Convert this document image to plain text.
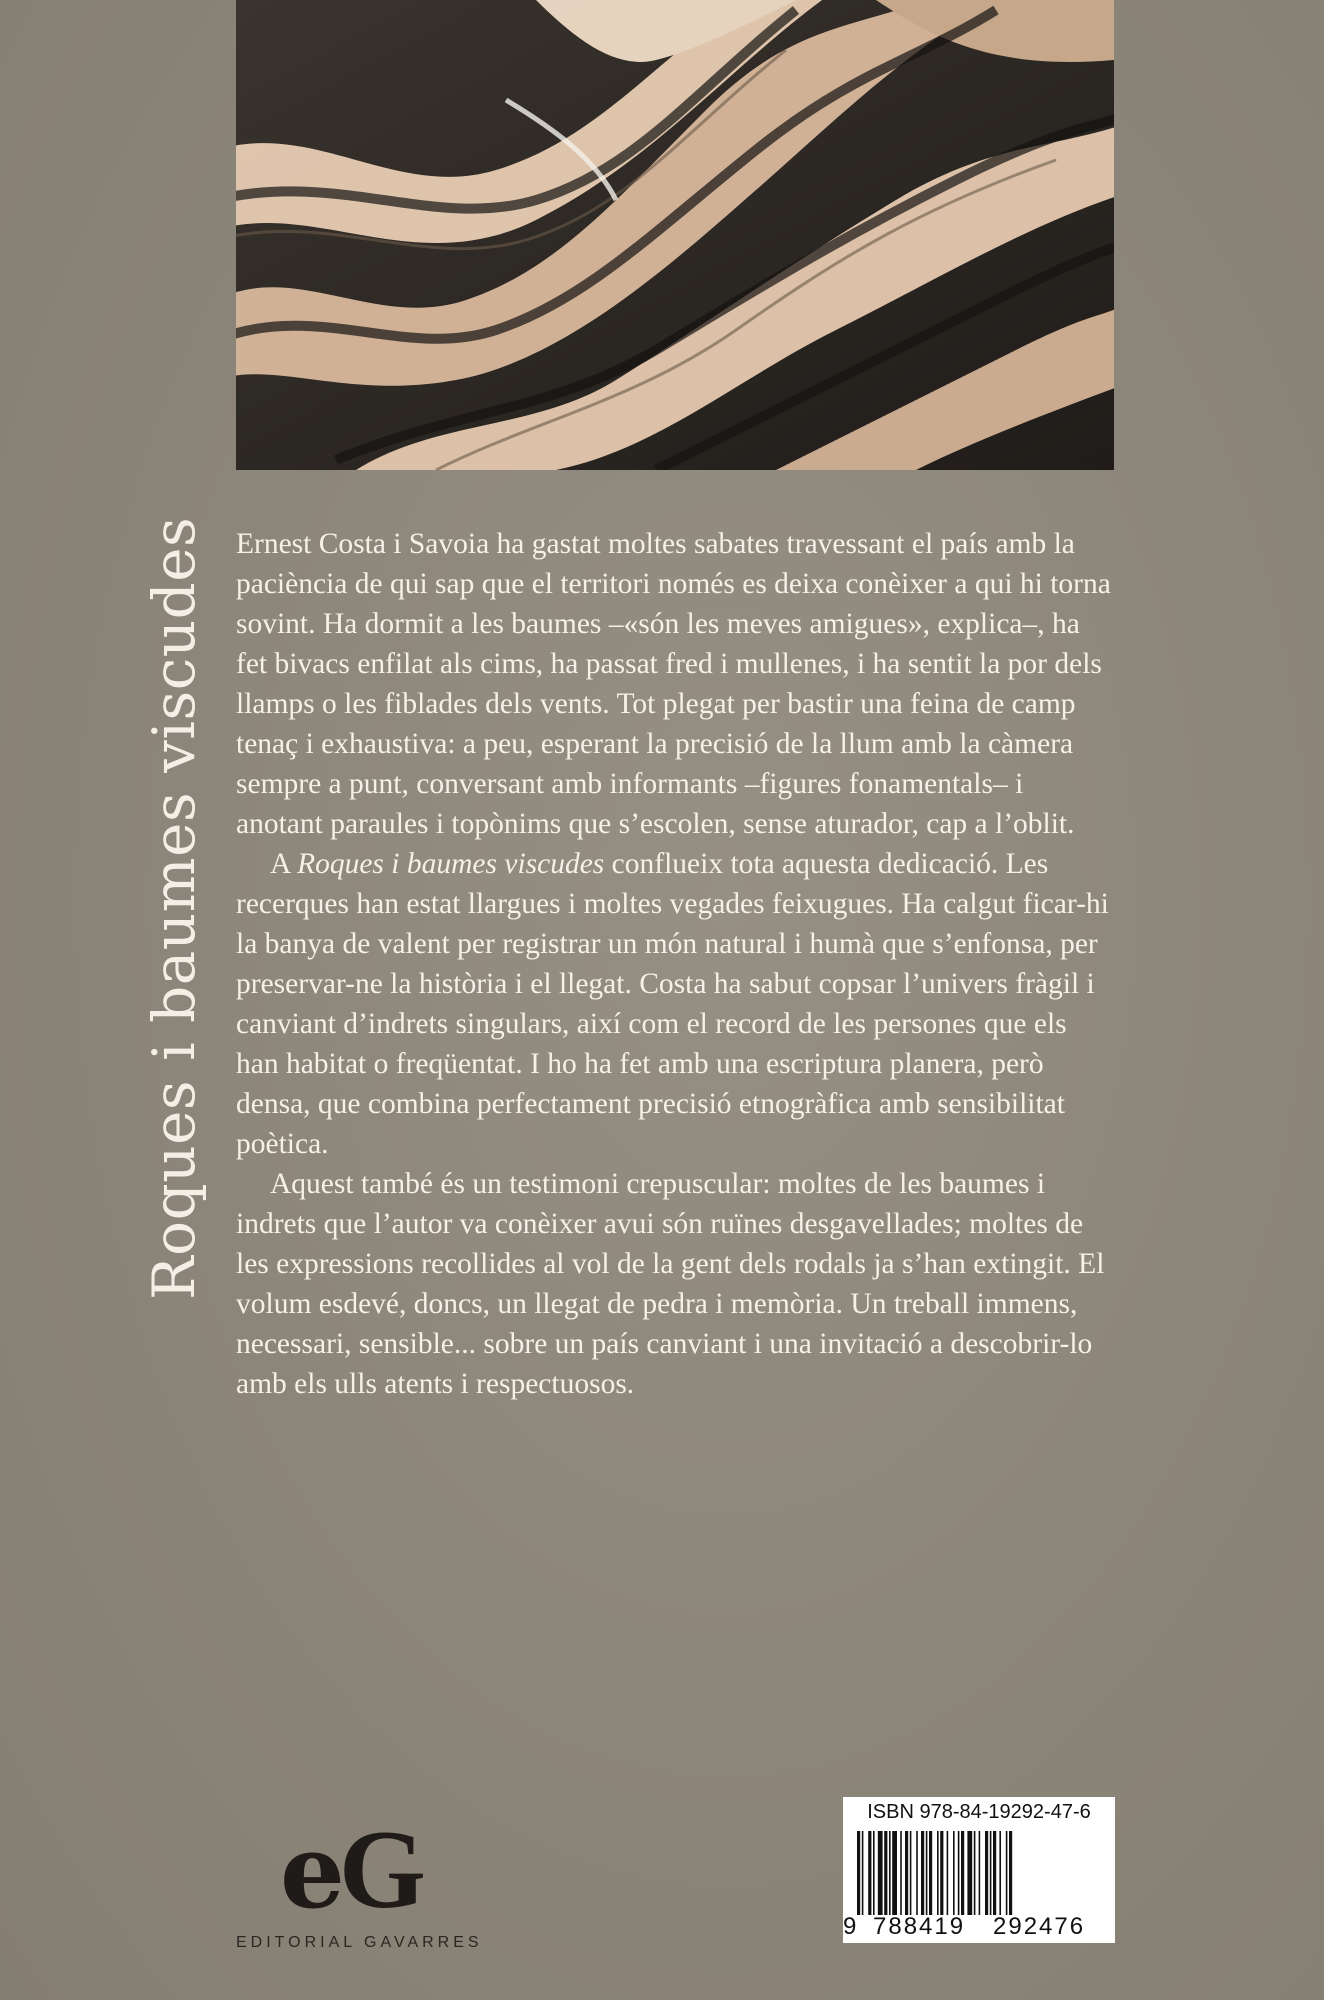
Roques i baumes viscudes Ernest Costa i Savoia ha gastat moltes sabates travessant el país amb la paciència de qui sap que el territori només es deixa conèixer a qui hi torna sovint. Ha dormit a les baumes –«són les meves amigues», explica–, ha fet bivacs enfilat als cims, ha passat fred i mullenes, i ha sentit la por dels llamps o les fiblades dels vents. Tot plegat per bastir una feina de camp tenaç i exhaustiva: a peu, esperant la precisió de la llum amb la càmera sempre a punt, conversant amb informants –figures fonamentals– i anotant paraules i topònims que s’escolen, sense aturador, cap a l’oblit.

A Roques i baumes viscudes conflueix tota aquesta dedicació. Les recerques han estat llargues i moltes vegades feixugues. Ha calgut ficar-hi la banya de valent per registrar un món natural i humà que s’enfonsa, per preservar-ne la història i el llegat. Costa ha sabut copsar l’univers fràgil i canviant d’indrets singulars, així com el record de les persones que els han habitat o freqüentat. I ho ha fet amb una escriptura planera, però densa, que combina perfectament precisió etnogràfica amb sensibilitat poètica.

Aquest també és un testimoni crepuscular: moltes de les baumes i indrets que l’autor va conèixer avui són ruïnes desgavellades; moltes de les expressions recollides al vol de la gent dels rodals ja s’han extingit. El volum esdevé, doncs, un llegat de pedra i memòria. Un treball immens, necessari, sensible... sobre un país canviant i una invitació a descobrir-lo amb els ulls atents i respectuosos.

eG
EDITORIAL GAVARRES
ISBN 978-84-19292-47-6
9 788419 292476
